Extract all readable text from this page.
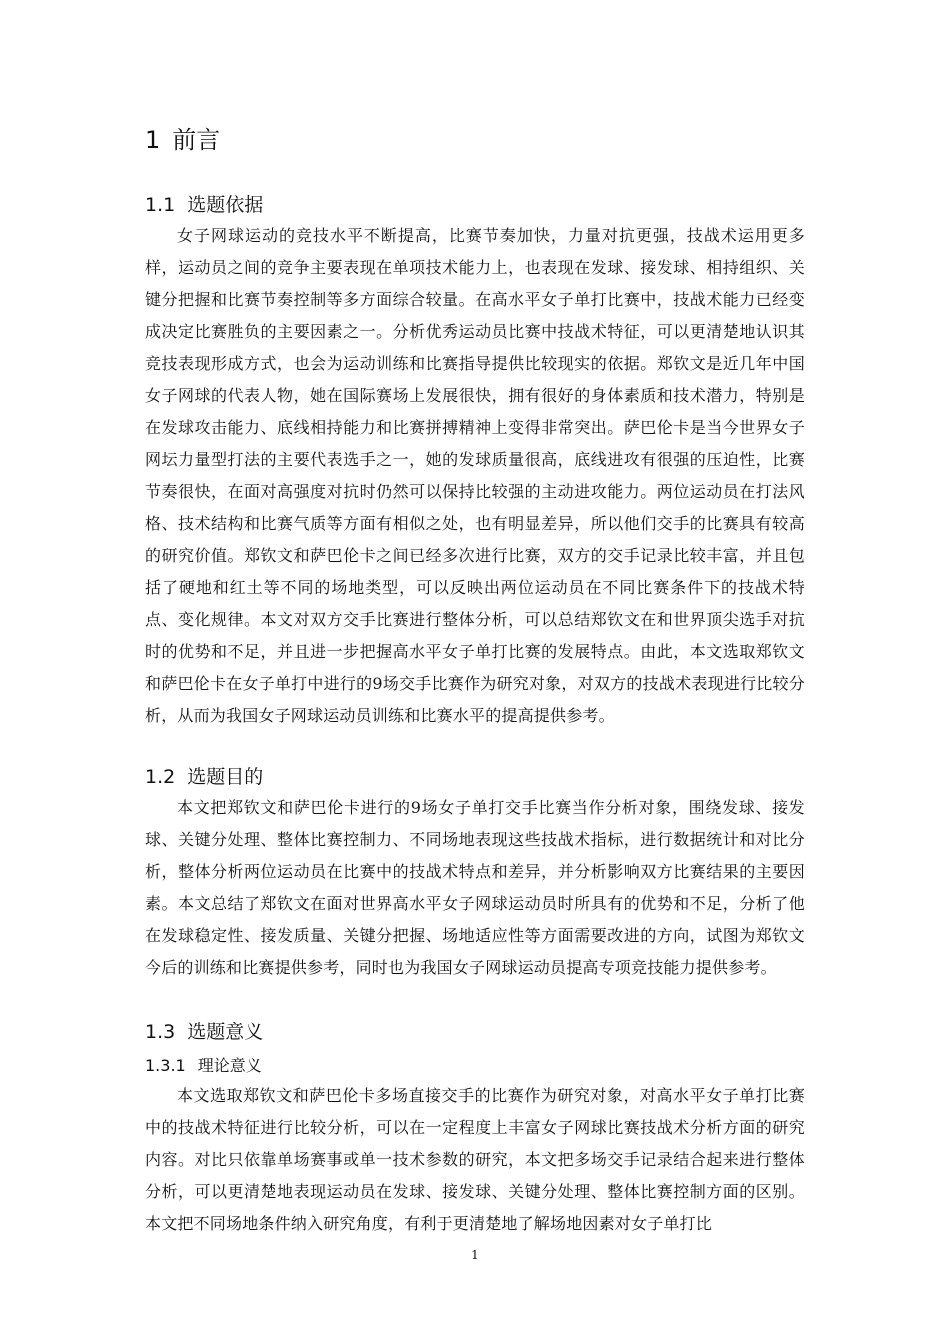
1 前言
1.1 选题依据

女子网球运动的竞技水平不断提高，比赛节奏加快，力量对抗更强，技战术运用更多样，运动员之间的竞争主要表现在单项技术能力上，也表现在发球、接发球、相持组织、关键分把握和比赛节奏控制等多方面综合较量。在高水平女子单打比赛中，技战术能力已经变成决定比赛胜负的主要因素之一。分析优秀运动员比赛中技战术特征，可以更清楚地认识其竞技表现形成方式，也会为运动训练和比赛指导提供比较现实的依据。郑钦文是近几年中国女子网球的代表人物，她在国际赛场上发展很快，拥有很好的身体素质和技术潜力，特别是在发球攻击能力、底线相持能力和比赛拼搏精神上变得非常突出。萨巴伦卡是当今世界女子网坛力量型打法的主要代表选手之一，她的发球质量很高，底线进攻有很强的压迫性，比赛节奏很快，在面对高强度对抗时仍然可以保持比较强的主动进攻能力。两位运动员在打法风格、技术结构和比赛气质等方面有相似之处，也有明显差异，所以他们交手的比赛具有较高的研究价值。郑钦文和萨巴伦卡之间已经多次进行比赛，双方的交手记录比较丰富，并且包括了硬地和红土等不同的场地类型，可以反映出两位运动员在不同比赛条件下的技战术特点、变化规律。本文对双方交手比赛进行整体分析，可以总结郑钦文在和世界顶尖选手对抗时的优势和不足，并且进一步把握高水平女子单打比赛的发展特点。由此，本文选取郑钦文和萨巴伦卡在女子单打中进行的9场交手比赛作为研究对象，对双方的技战术表现进行比较分析，从而为我国女子网球运动员训练和比赛水平的提高提供参考。

1.2 选题目的

本文把郑钦文和萨巴伦卡进行的9场女子单打交手比赛当作分析对象，围绕发球、接发球、关键分处理、整体比赛控制力、不同场地表现这些技战术指标，进行数据统计和对比分析，整体分析两位运动员在比赛中的技战术特点和差异，并分析影响双方比赛结果的主要因素。本文总结了郑钦文在面对世界高水平女子网球运动员时所具有的优势和不足，分析了他在发球稳定性、接发质量、关键分把握、场地适应性等方面需要改进的方向，试图为郑钦文今后的训练和比赛提供参考，同时也为我国女子网球运动员提高专项竞技能力提供参考。

1.3 选题意义
1.3.1 理论意义

本文选取郑钦文和萨巴伦卡多场直接交手的比赛作为研究对象，对高水平女子单打比赛中的技战术特征进行比较分析，可以在一定程度上丰富女子网球比赛技战术分析方面的研究内容。对比只依靠单场赛事或单一技术参数的研究，本文把多场交手记录结合起来进行整体分析，可以更清楚地表现运动员在发球、接发球、关键分处理、整体比赛控制方面的区别。本文把不同场地条件纳入研究角度，有利于更清楚地了解场地因素对女子单打比

1
